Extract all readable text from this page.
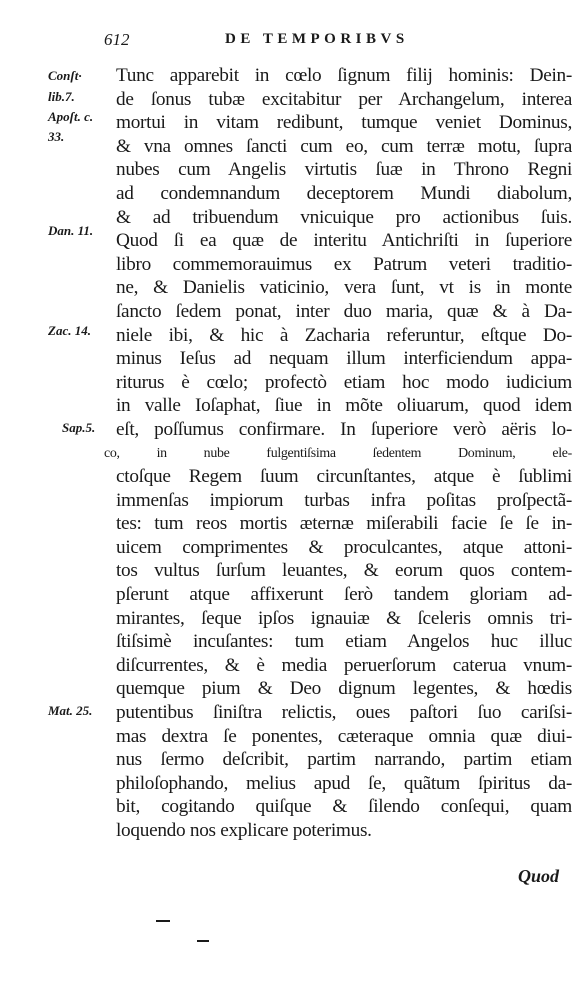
612	DE TEMPORIBVS
Conſt·
lib.7.
Apoſt. c.
33.
Dan. 11.
Zac. 14.
Sap.5.
Mat. 25.
Tunc apparebit in cœlo ſignum filij hominis: Dein-
de ſonus tubæ excitabitur per Archangelum, interea
mortui in vitam redibunt, tumque veniet Dominus,
& vna omnes ſancti cum eo, cum terræ motu, ſupra
nubes cum Angelis virtutis ſuæ in Throno Regni
ad condemnandum deceptorem Mundi diabolum,
& ad tribuendum vnicuique pro actionibus ſuis.
Quod ſi ea quæ de interitu Antichriſti in ſuperiore
libro commemorauimus ex Patrum veteri traditio-
ne, & Danielis vaticinio, vera ſunt, vt is in monte
ſancto ſedem ponat, inter duo maria, quæ & à Da-
niele ibi, & hic à Zacharia referuntur, eſtque Do-
minus Ieſus ad nequam illum interficiendum appa-
riturus è cœlo; profectò etiam hoc modo iudicium
in valle Ioſaphat, ſiue in mõte oliuarum, quod idem
eſt, poſſumus confirmare. In ſuperiore verò aëris lo-
co, in nube fulgentiſsima ſedentem Dominum, ele-
ctoſque Regem ſuum circunſtantes, atque è ſublimi
immenſas impiorum turbas infra poſitas proſpectã-
tes: tum reos mortis æternæ miſerabili facie ſe ſe in-
uicem comprimentes & proculcantes, atque attoni-
tos vultus ſurſum leuantes, & eorum quos contem-
pſerunt atque affixerunt ſerò tandem gloriam ad-
mirantes, ſeque ipſos ignauiæ & ſceleris omnis tri-
ſtiſsimè incuſantes: tum etiam Angelos huc illuc
diſcurrentes, & è media peruerſorum caterua vnum-
quemque pium & Deo dignum legentes, & hœdis
putentibus ſiniſtra relictis, oues paſtori ſuo cariſsi-
mas dextra ſe ponentes, cæteraque omnia quæ diui-
nus ſermo deſcribit, partim narrando, partim etiam
philoſophando, melius apud ſe, quãtum ſpiritus da-
bit, cogitando quiſque & ſilendo conſequi, quam
loquendo nos explicare poterimus.
Quod
